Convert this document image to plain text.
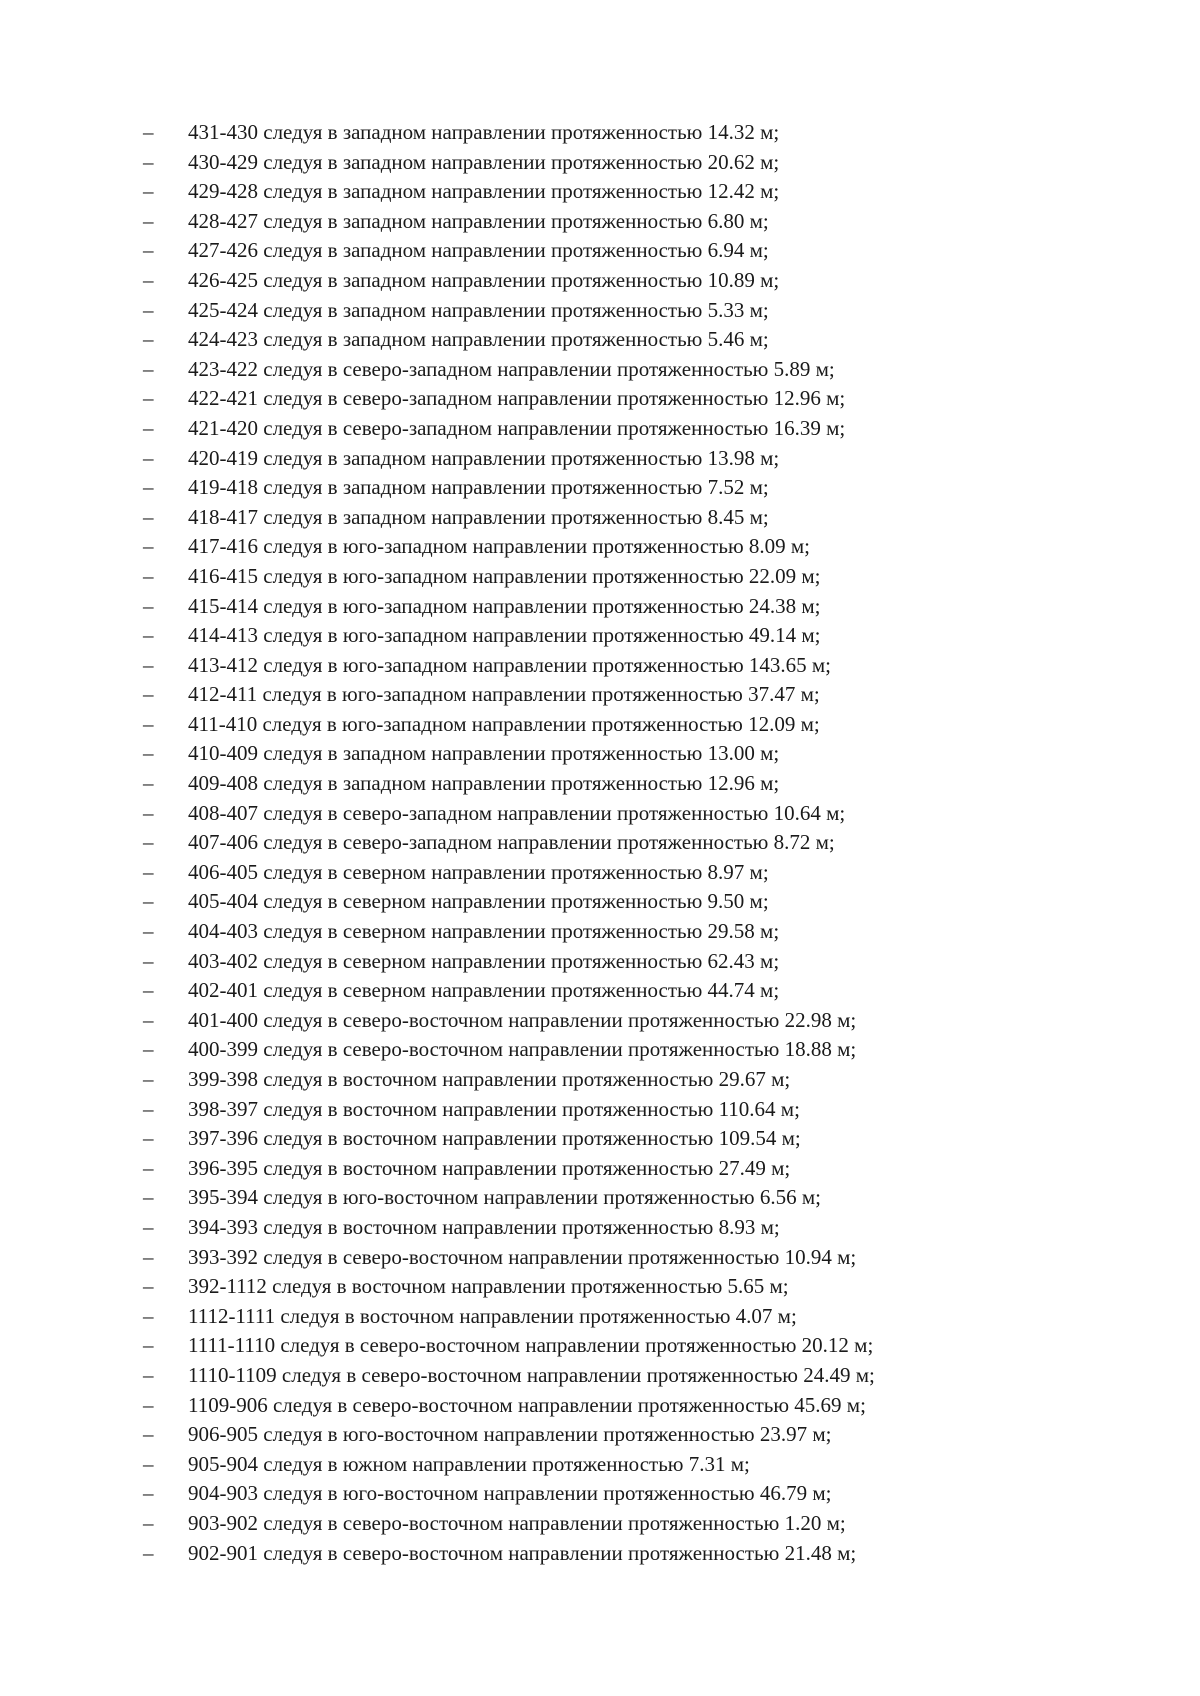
– 431-430 следуя в западном направлении протяженностью 14.32 м;
– 430-429 следуя в западном направлении протяженностью 20.62 м;
– 429-428 следуя в западном направлении протяженностью 12.42 м;
– 428-427 следуя в западном направлении протяженностью 6.80 м;
– 427-426 следуя в западном направлении протяженностью 6.94 м;
– 426-425 следуя в западном направлении протяженностью 10.89 м;
– 425-424 следуя в западном направлении протяженностью 5.33 м;
– 424-423 следуя в западном направлении протяженностью 5.46 м;
– 423-422 следуя в северо-западном направлении протяженностью 5.89 м;
– 422-421 следуя в северо-западном направлении протяженностью 12.96 м;
– 421-420 следуя в северо-западном направлении протяженностью 16.39 м;
– 420-419 следуя в западном направлении протяженностью 13.98 м;
– 419-418 следуя в западном направлении протяженностью 7.52 м;
– 418-417 следуя в западном направлении протяженностью 8.45 м;
– 417-416 следуя в юго-западном направлении протяженностью 8.09 м;
– 416-415 следуя в юго-западном направлении протяженностью 22.09 м;
– 415-414 следуя в юго-западном направлении протяженностью 24.38 м;
– 414-413 следуя в юго-западном направлении протяженностью 49.14 м;
– 413-412 следуя в юго-западном направлении протяженностью 143.65 м;
– 412-411 следуя в юго-западном направлении протяженностью 37.47 м;
– 411-410 следуя в юго-западном направлении протяженностью 12.09 м;
– 410-409 следуя в западном направлении протяженностью 13.00 м;
– 409-408 следуя в западном направлении протяженностью 12.96 м;
– 408-407 следуя в северо-западном направлении протяженностью 10.64 м;
– 407-406 следуя в северо-западном направлении протяженностью 8.72 м;
– 406-405 следуя в северном направлении протяженностью 8.97 м;
– 405-404 следуя в северном направлении протяженностью 9.50 м;
– 404-403 следуя в северном направлении протяженностью 29.58 м;
– 403-402 следуя в северном направлении протяженностью 62.43 м;
– 402-401 следуя в северном направлении протяженностью 44.74 м;
– 401-400 следуя в северо-восточном направлении протяженностью 22.98 м;
– 400-399 следуя в северо-восточном направлении протяженностью 18.88 м;
– 399-398 следуя в восточном направлении протяженностью 29.67 м;
– 398-397 следуя в восточном направлении протяженностью 110.64 м;
– 397-396 следуя в восточном направлении протяженностью 109.54 м;
– 396-395 следуя в восточном направлении протяженностью 27.49 м;
– 395-394 следуя в юго-восточном направлении протяженностью 6.56 м;
– 394-393 следуя в восточном направлении протяженностью 8.93 м;
– 393-392 следуя в северо-восточном направлении протяженностью 10.94 м;
– 392-1112 следуя в восточном направлении протяженностью 5.65 м;
– 1112-1111 следуя в восточном направлении протяженностью 4.07 м;
– 1111-1110 следуя в северо-восточном направлении протяженностью 20.12 м;
– 1110-1109 следуя в северо-восточном направлении протяженностью 24.49 м;
– 1109-906 следуя в северо-восточном направлении протяженностью 45.69 м;
– 906-905 следуя в юго-восточном направлении протяженностью 23.97 м;
– 905-904 следуя в южном направлении протяженностью 7.31 м;
– 904-903 следуя в юго-восточном направлении протяженностью 46.79 м;
– 903-902 следуя в северо-восточном направлении протяженностью 1.20 м;
– 902-901 следуя в северо-восточном направлении протяженностью 21.48 м;
